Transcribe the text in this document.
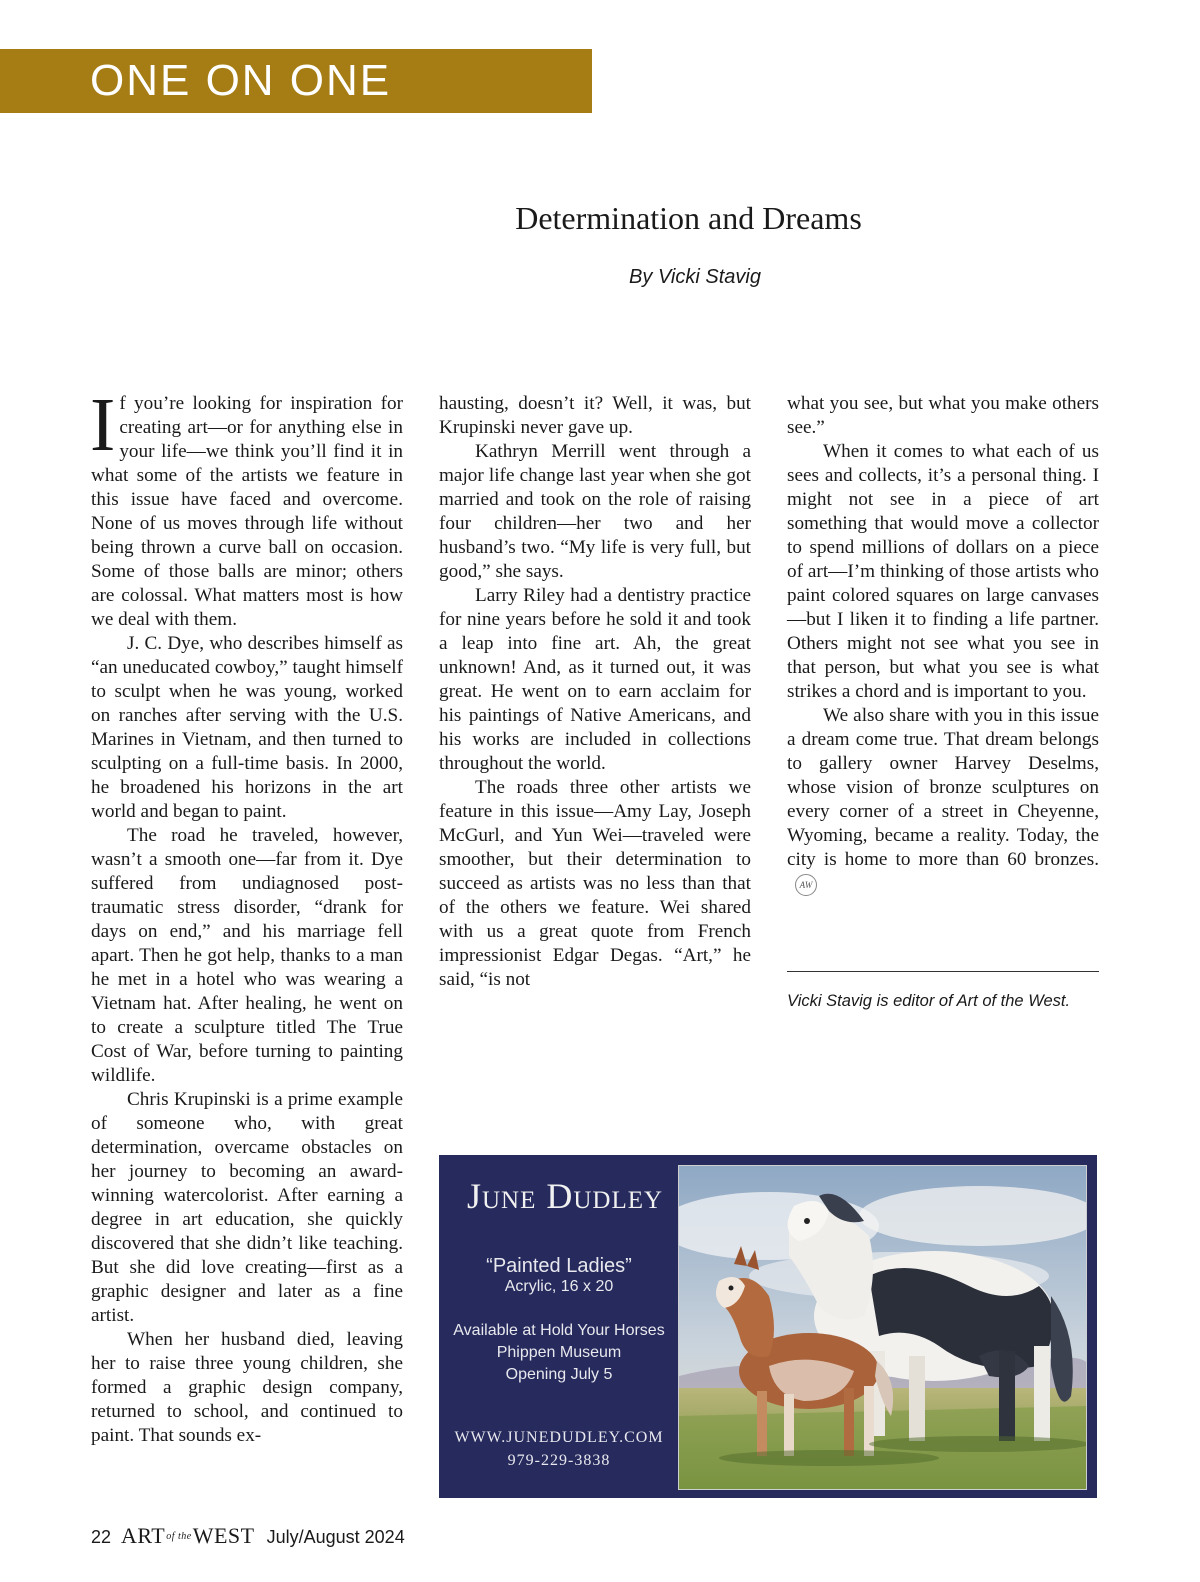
ONE ON ONE
Determination and Dreams
By Vicki Stavig

If you’re looking for inspiration for creating art—or for anything else in your life—we think you’ll find it in what some of the artists we feature in this issue have faced and overcome. None of us moves through life without being thrown a curve ball on occasion. Some of those balls are minor; others are colossal. What matters most is how we deal with them.

J. C. Dye, who describes himself as “an uneducated cowboy,” taught himself to sculpt when he was young, worked on ranches after serving with the U.S. Marines in Vietnam, and then turned to sculpting on a full-time basis. In 2000, he broadened his horizons in the art world and began to paint.

The road he traveled, however, wasn’t a smooth one—far from it. Dye suffered from undiagnosed post-traumatic stress disorder, “drank for days on end,” and his marriage fell apart. Then he got help, thanks to a man he met in a hotel who was wearing a Vietnam hat. After healing, he went on to create a sculpture titled The True Cost of War, before turning to painting wildlife.

Chris Krupinski is a prime example of someone who, with great determination, overcame obstacles on her journey to becoming an award-winning watercolorist. After earning a degree in art education, she quickly discovered that she didn’t like teaching. But she did love creating—first as a graphic designer and later as a fine artist.

When her husband died, leaving her to raise three young children, she formed a graphic design company, returned to school, and continued to paint. That sounds ex-

hausting, doesn’t it? Well, it was, but Krupinski never gave up.

Kathryn Merrill went through a major life change last year when she got married and took on the role of raising four children—her two and her husband’s two. “My life is very full, but good,” she says.

Larry Riley had a dentistry practice for nine years before he sold it and took a leap into fine art. Ah, the great unknown! And, as it turned out, it was great. He went on to earn acclaim for his paintings of Native Americans, and his works are included in collections throughout the world.

The roads three other artists we feature in this issue—Amy Lay, Joseph McGurl, and Yun Wei—traveled were smoother, but their determination to succeed as artists was no less than that of the others we feature. Wei shared with us a great quote from French impressionist Edgar Degas. “Art,” he said, “is not

what you see, but what you make others see.”

When it comes to what each of us sees and collects, it’s a personal thing. I might not see in a piece of art something that would move a collector to spend millions of dollars on a piece of art—I’m thinking of those artists who paint colored squares on large canvases—but I liken it to finding a life partner. Others might not see what you see in that person, but what you see is what strikes a chord and is important to you.

We also share with you in this issue a dream come true. That dream belongs to gallery owner Harvey Deselms, whose vision of bronze sculptures on every corner of a street in Cheyenne, Wyoming, became a reality. Today, the city is home to more than 60 bronzes.AW

Vicki Stavig is editor of Art of the West.
June Dudley
“Painted Ladies”
Acrylic, 16 x 20
Available at Hold Your Horses
Phippen Museum
Opening July 5
WWW.JUNEDUDLEY.COM
979-229-3838
22 ARTof theWEST July/August 2024
